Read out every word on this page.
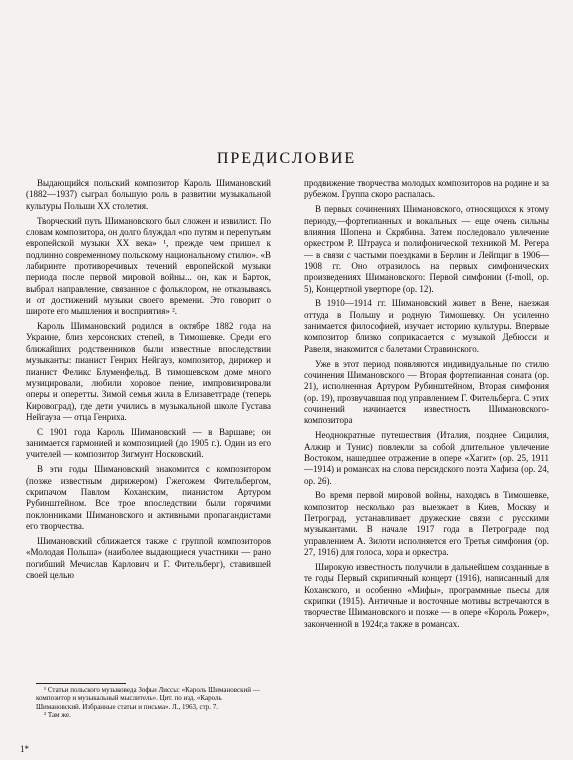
ПРЕДИСЛОВИЕ

Выдающийся польский композитор Кароль Шимановский (1882—1937) сыграл большую роль в развитии музыкальной культуры Польши XX столетия.

Творческий путь Шимановского был сложен и извилист. По словам композитора, он долго блуждал «по путям и перепутьям европейской музыки XX века» ¹, прежде чем пришел к подлинно современному польскому национальному стилю». «В лабиринте противоречивых течений европейской музыки периода после первой мировой войны... он, как и Барток, выбрал направление, связанное с фольклором, не отказываясь и от достижений музыки своего времени. Это говорит о широте его мышления и восприятия» ².

Кароль Шимановский родился в октябре 1882 года на Украине, близ херсонских степей, в Тимошевке. Среди его ближайших родственников были известные впоследствии музыканты: пианист Генрих Нейгауз, композитор, дирижер и пианист Феликс Блуменфельд. В тимошевском доме много музицировали, любили хоровое пение, импровизировали оперы и оперетты. Зимой семья жила в Елизаветграде (теперь Кировоград), где дети учились в музыкальной школе Густава Нейгауза — отца Генриха.

С 1901 года Кароль Шимановский — в Варшаве; он занимается гармонией и композицией (до 1905 г.). Один из его учителей — композитор Зигмунт Носковский.

В эти годы Шимановский знакомится с композитором (позже известным дирижером) Гжегожем Фительбергом, скрипачом Павлом Коханским, пианистом Артуром Рубинштейном. Все трое впоследствии были горячими поклонниками Шимановского и активными пропагандистами его творчества.

Шимановский сближается также с группой композиторов «Молодая Польша» (наиболее выдающиеся участники — рано погибший Мечислав Карлович и Г. Фительберг), ставившей своей целью

продвижение творчества молодых композиторов на родине и за рубежом. Группа скоро распалась.

В первых сочинениях Шимановского, относящихся к этому периоду,—фортепианных и вокальных — еще очень сильны влияния Шопена и Скрябина. Затем последовало увлечение оркестром Р. Штрауса и полифонической техникой М. Регера — в связи с частыми поездками в Берлин и Лейпциг в 1906—1908 гг. Оно отразилось на первых симфонических произведениях Шимановского: Первой симфонии (f-moll, ор. 5), Концертной увертюре (ор. 12).

В 1910—1914 гг. Шимановский живет в Вене, наезжая оттуда в Польшу и родную Тимошевку. Он усиленно занимается философией, изучает историю культуры. Впервые композитор близко соприкасается с музыкой Дебюсси и Равеля, знакомится с балетами Стравинского.

Уже в этот период появляются индивидуальные по стилю сочинения Шимановского — Вторая фортепианная соната (ор. 21), исполненная Артуром Рубинштейном, Вторая симфония (ор. 19), прозвучавшая под управлением Г. Фительберга. С этих сочинений начинается известность Шимановского-композитора

Неоднократные путешествия (Италия, позднее Сицилия, Алжир и Тунис) повлекли за собой длительное увлечение Востоком, нашедшее отражение в опере «Хагит» (ор. 25, 1911—1914) и романсах на слова персидского поэта Хафиза (ор. 24, ор. 26).

Во время первой мировой войны, находясь в Тимошевке, композитор несколько раз выезжает в Киев, Москву и Петроград, устанавливает дружеские связи с русскими музыкантами. В начале 1917 года в Петрограде под управлением А. Зилоти исполняется его Третья симфония (ор. 27, 1916) для голоса, хора и оркестра.

Широкую известность получили в дальнейшем созданные в те годы Первый скрипичный концерт (1916), написанный для Коханского, и особенно «Мифы», программные пьесы для скрипки (1915). Античные и восточные мотивы встречаются в творчестве Шимановского и позже — в опере «Король Рожер», законченной в 1924г,а также в романсах.

¹ Статьи польского музыковеда Зофьи Лиссы: «Кароль Шимановский — композитор и музыкальный мыслитель». Цит. по изд. «Кароль Шимановский. Избранные статьи и письма». Л., 1963, стр. 7.

² Там же.

1*
